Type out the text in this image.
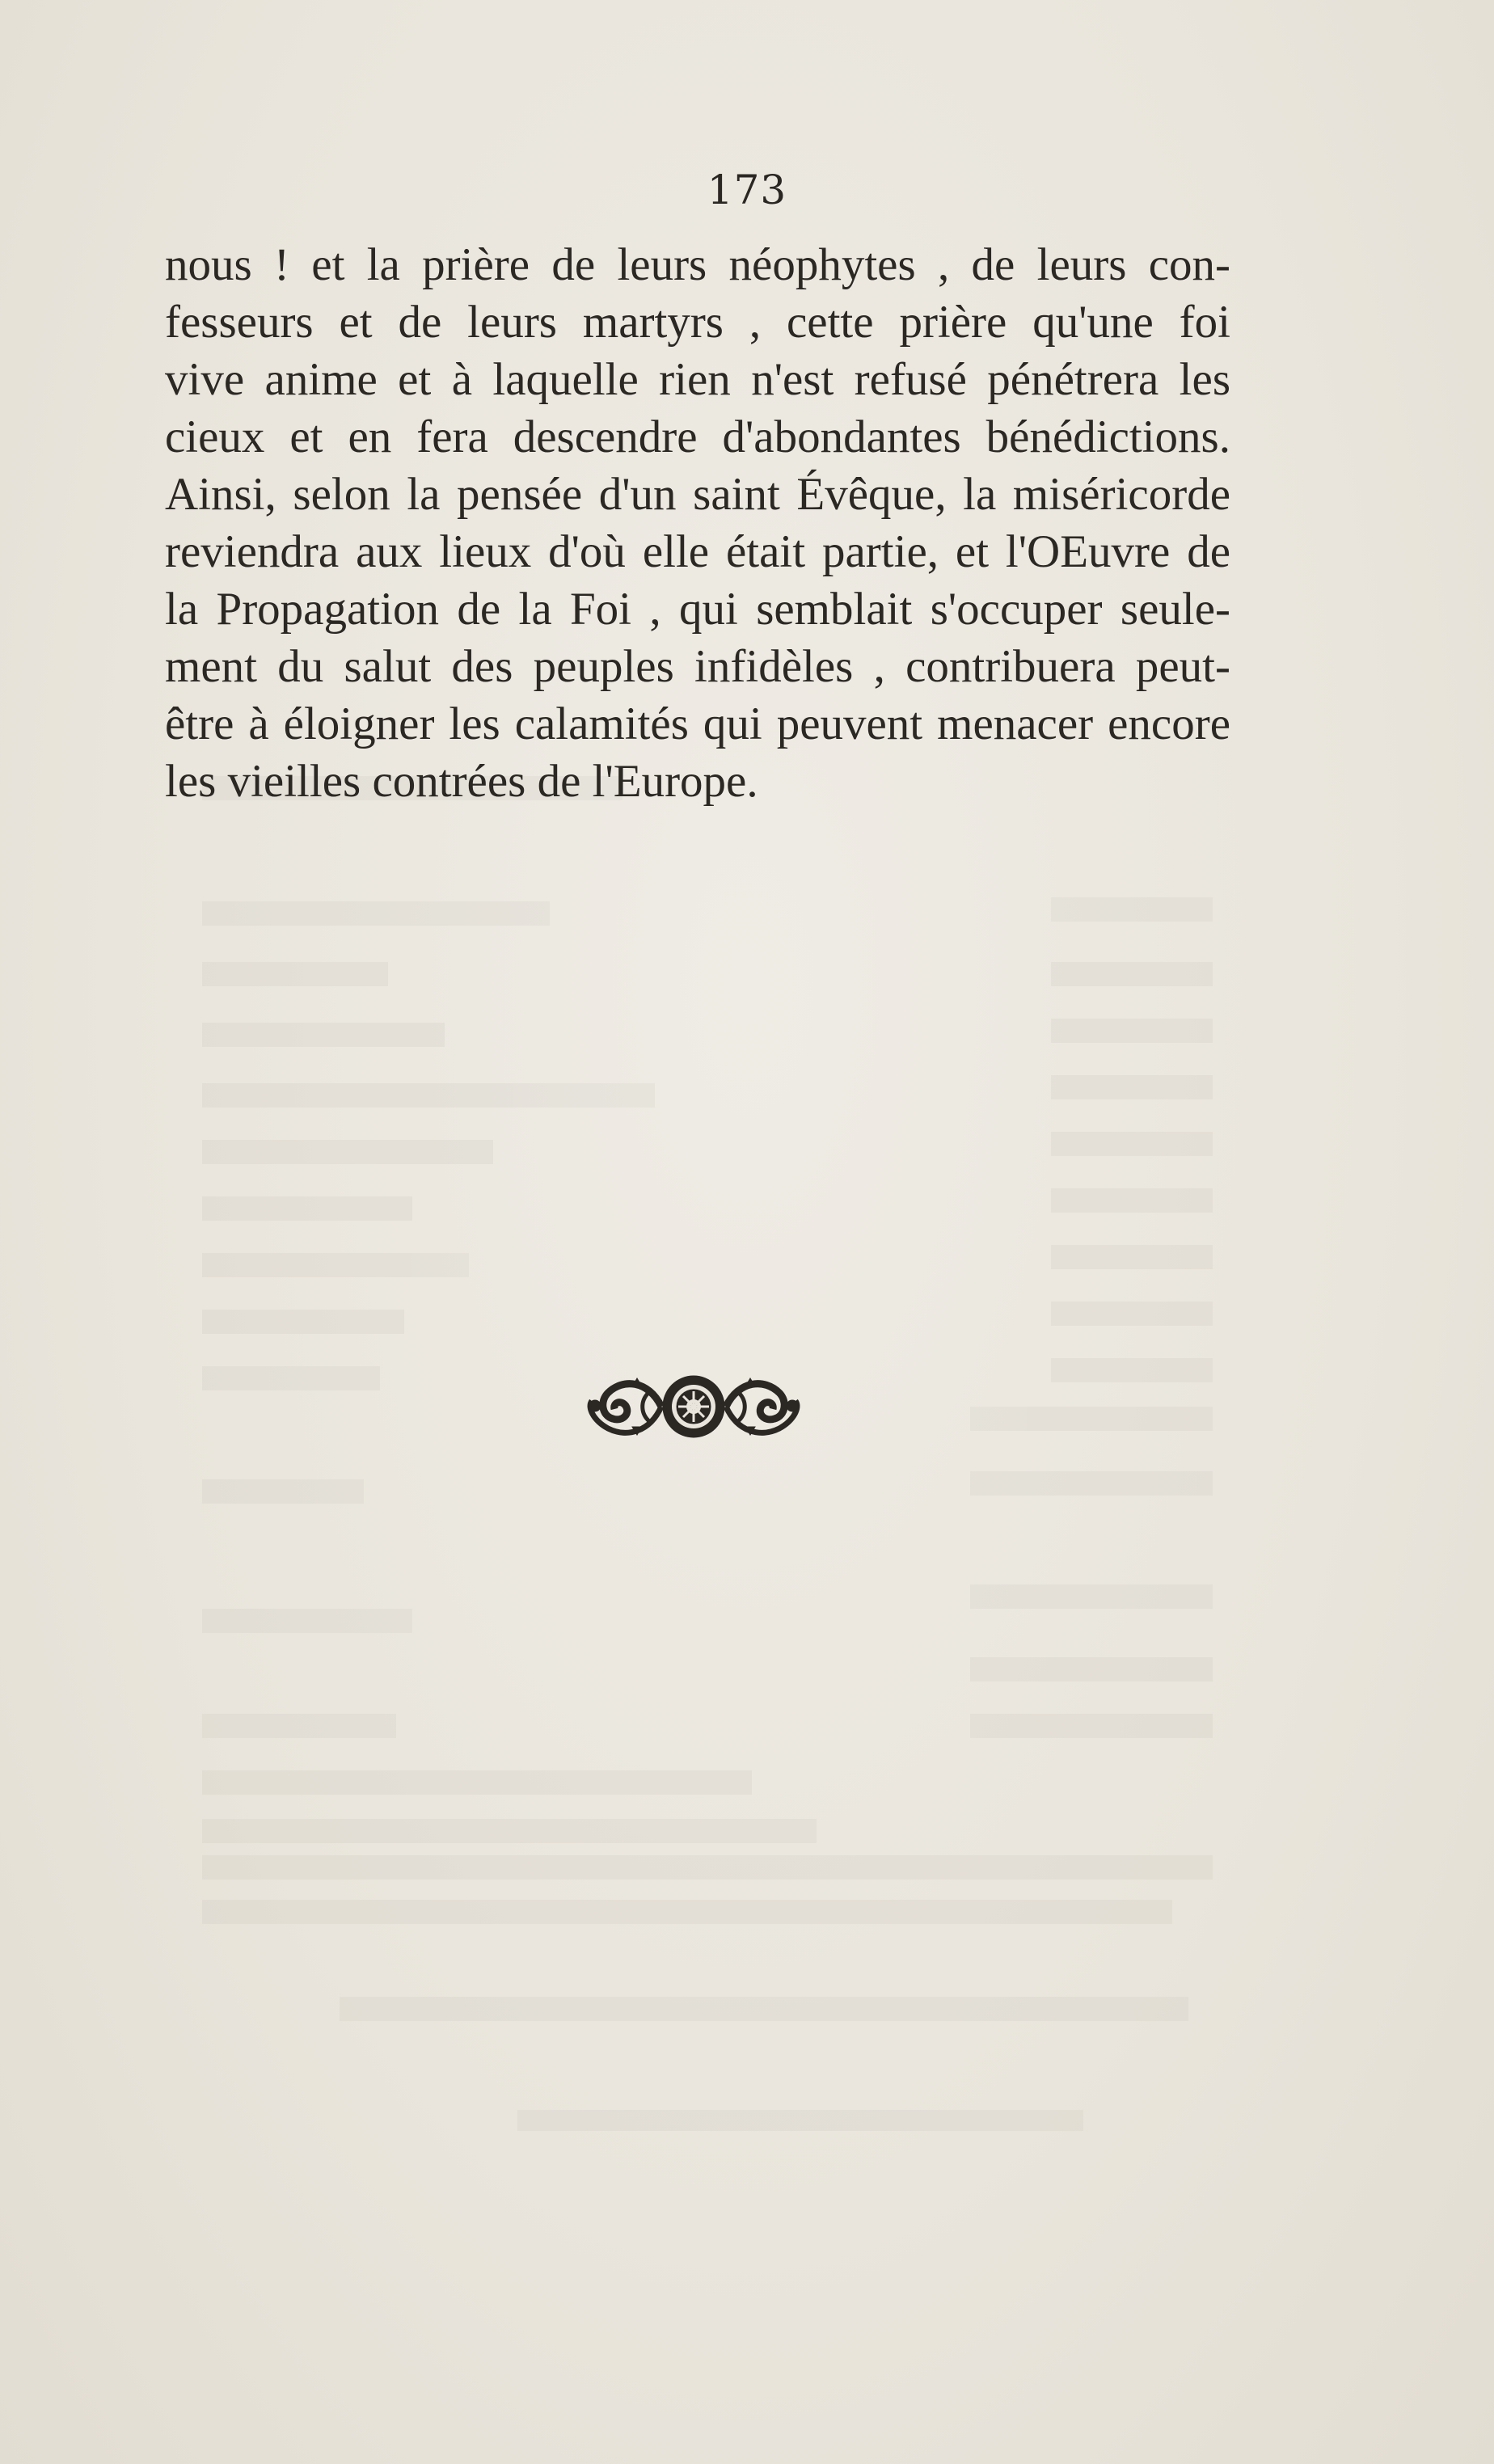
173
nous ! et la prière de leurs néophytes , de leurs con-
fesseurs et de leurs martyrs , cette prière qu'une foi
vive anime et à laquelle rien n'est refusé pénétrera les
cieux et en fera descendre d'abondantes bénédictions.
Ainsi, selon la pensée d'un saint Évêque, la miséricorde
reviendra aux lieux d'où elle était partie, et l'OEuvre de
la Propagation de la Foi , qui semblait s'occuper seule-
ment du salut des peuples infidèles , contribuera peut-
être à éloigner les calamités qui peuvent menacer encore
les vieilles contrées de l'Europe.
